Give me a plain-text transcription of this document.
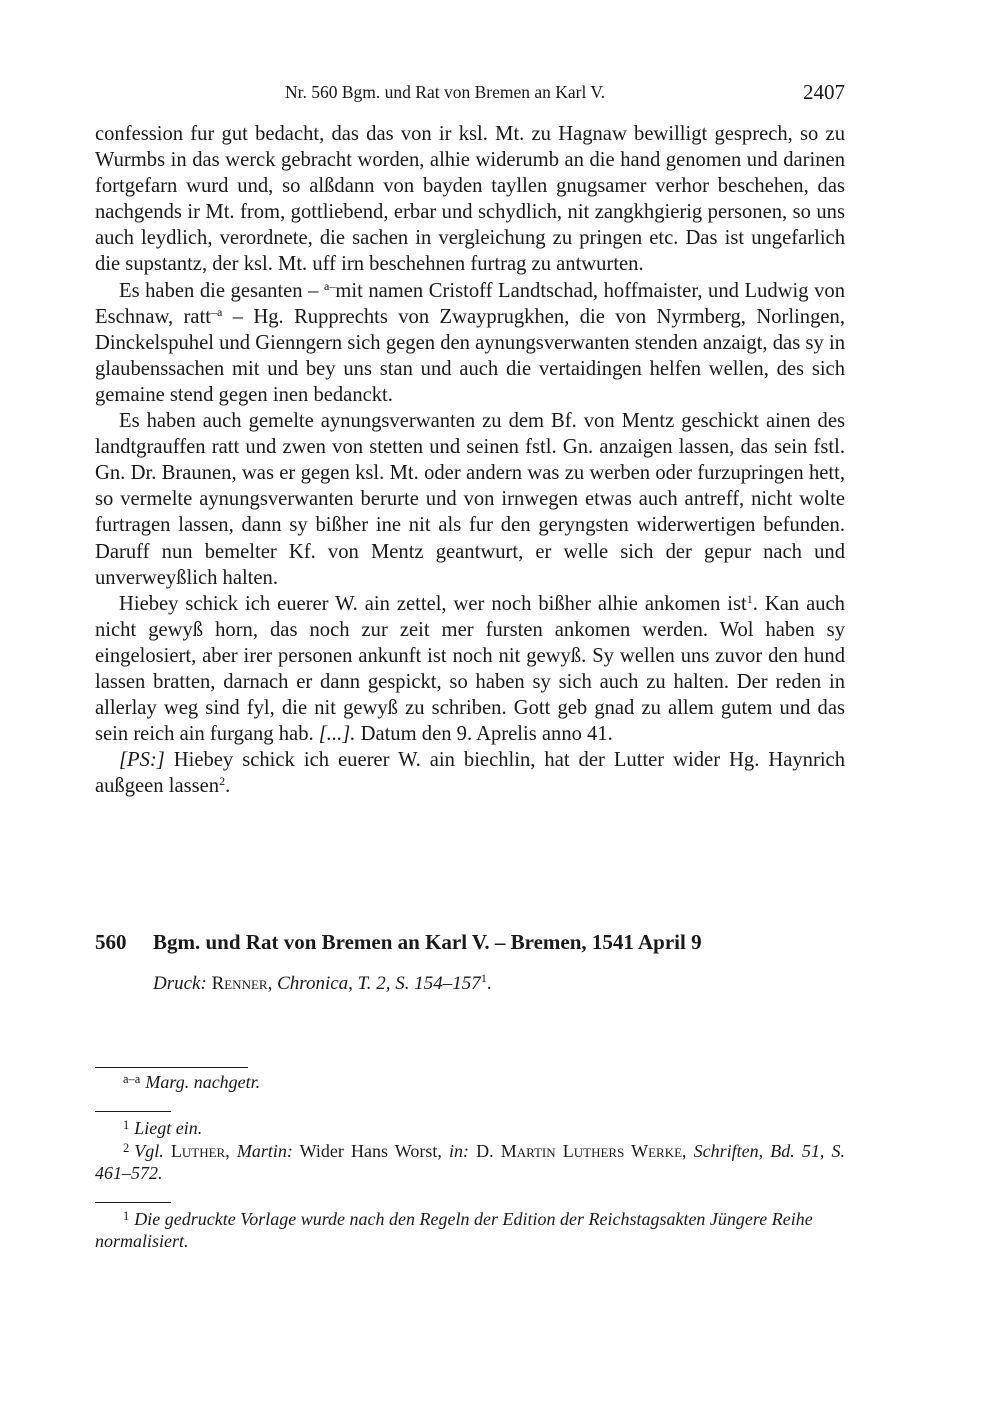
Nr. 560 Bgm. und Rat von Bremen an Karl V.	2407

confession fur gut bedacht, das das von ir ksl. Mt. zu Hagnaw bewilligt gesprech, so zu Wurmbs in das werck gebracht worden, alhie widerumb an die hand genomen und darinen fortgefarn wurd und, so alßdann von bayden tayllen gnugsamer verhor beschehen, das nachgends ir Mt. from, gottliebend, erbar und schydlich, nit zangkhgierig personen, so uns auch leydlich, verordnete, die sachen in vergleichung zu pringen etc. Das ist ungefarlich die supstantz, der ksl. Mt. uff irn beschehnen furtrag zu antwurten.

Es haben die gesanten – $^{a-}$mit namen Cristoff Landtschad, hoffmaister, und Ludwig von Eschnaw, ratt$^{-a}$ – Hg. Rupprechts von Zwayprugkhen, die von Nyrmberg, Norlingen, Dinckelspuhel und Gienngern sich gegen den aynungsverwanten stenden anzaigt, das sy in glaubenssachen mit und bey uns stan und auch die vertaidingen helfen wellen, des sich gemaine stend gegen inen bedanckt.

Es haben auch gemelte aynungsverwanten zu dem Bf. von Mentz geschickt ainen des landtgrauffen ratt und zwen von stetten und seinen fstl. Gn. anzaigen lassen, das sein fstl. Gn. Dr. Braunen, was er gegen ksl. Mt. oder andern was zu werben oder furzupringen hett, so vermelte aynungsverwanten berurte und von irnwegen etwas auch antreff, nicht wolte furtragen lassen, dann sy bißher ine nit als fur den geryngsten widerwertigen befunden. Daruff nun bemelter Kf. von Mentz geantwurt, er welle sich der gepur nach und unverweyßlich halten.

Hiebey schick ich euerer W. ain zettel, wer noch bißher alhie ankomen ist$^1$. Kan auch nicht gewyß horn, das noch zur zeit mer fursten ankomen werden. Wol haben sy eingelosiert, aber irer personen ankunft ist noch nit gewyß. Sy wellen uns zuvor den hund lassen bratten, darnach er dann gespickt, so haben sy sich auch zu halten. Der reden in allerlay weg sind fyl, die nit gewyß zu schriben. Gott geb gnad zu allem gutem und das sein reich ain furgang hab. [...]. Datum den 9. Aprelis anno 41.

[PS:] Hiebey schick ich euerer W. ain biechlin, hat der Lutter wider Hg. Haynrich außgeen lassen$^2$.

560 Bgm. und Rat von Bremen an Karl V. – Bremen, 1541 April 9
Druck: Renner, Chronica, T. 2, S. $154-157^1$.
$^{a-a}$ Marg. nachgetr.
$^1$ Liegt ein.
$^2$ Vgl. Luther, Martin: Wider Hans Worst, in: D. Martin Luthers Werke, Schriften, Bd. 51, S. 461–572.
$^1$ Die gedruckte Vorlage wurde nach den Regeln der Edition der Reichstagsakten Jüngere Reihe normalisiert.
